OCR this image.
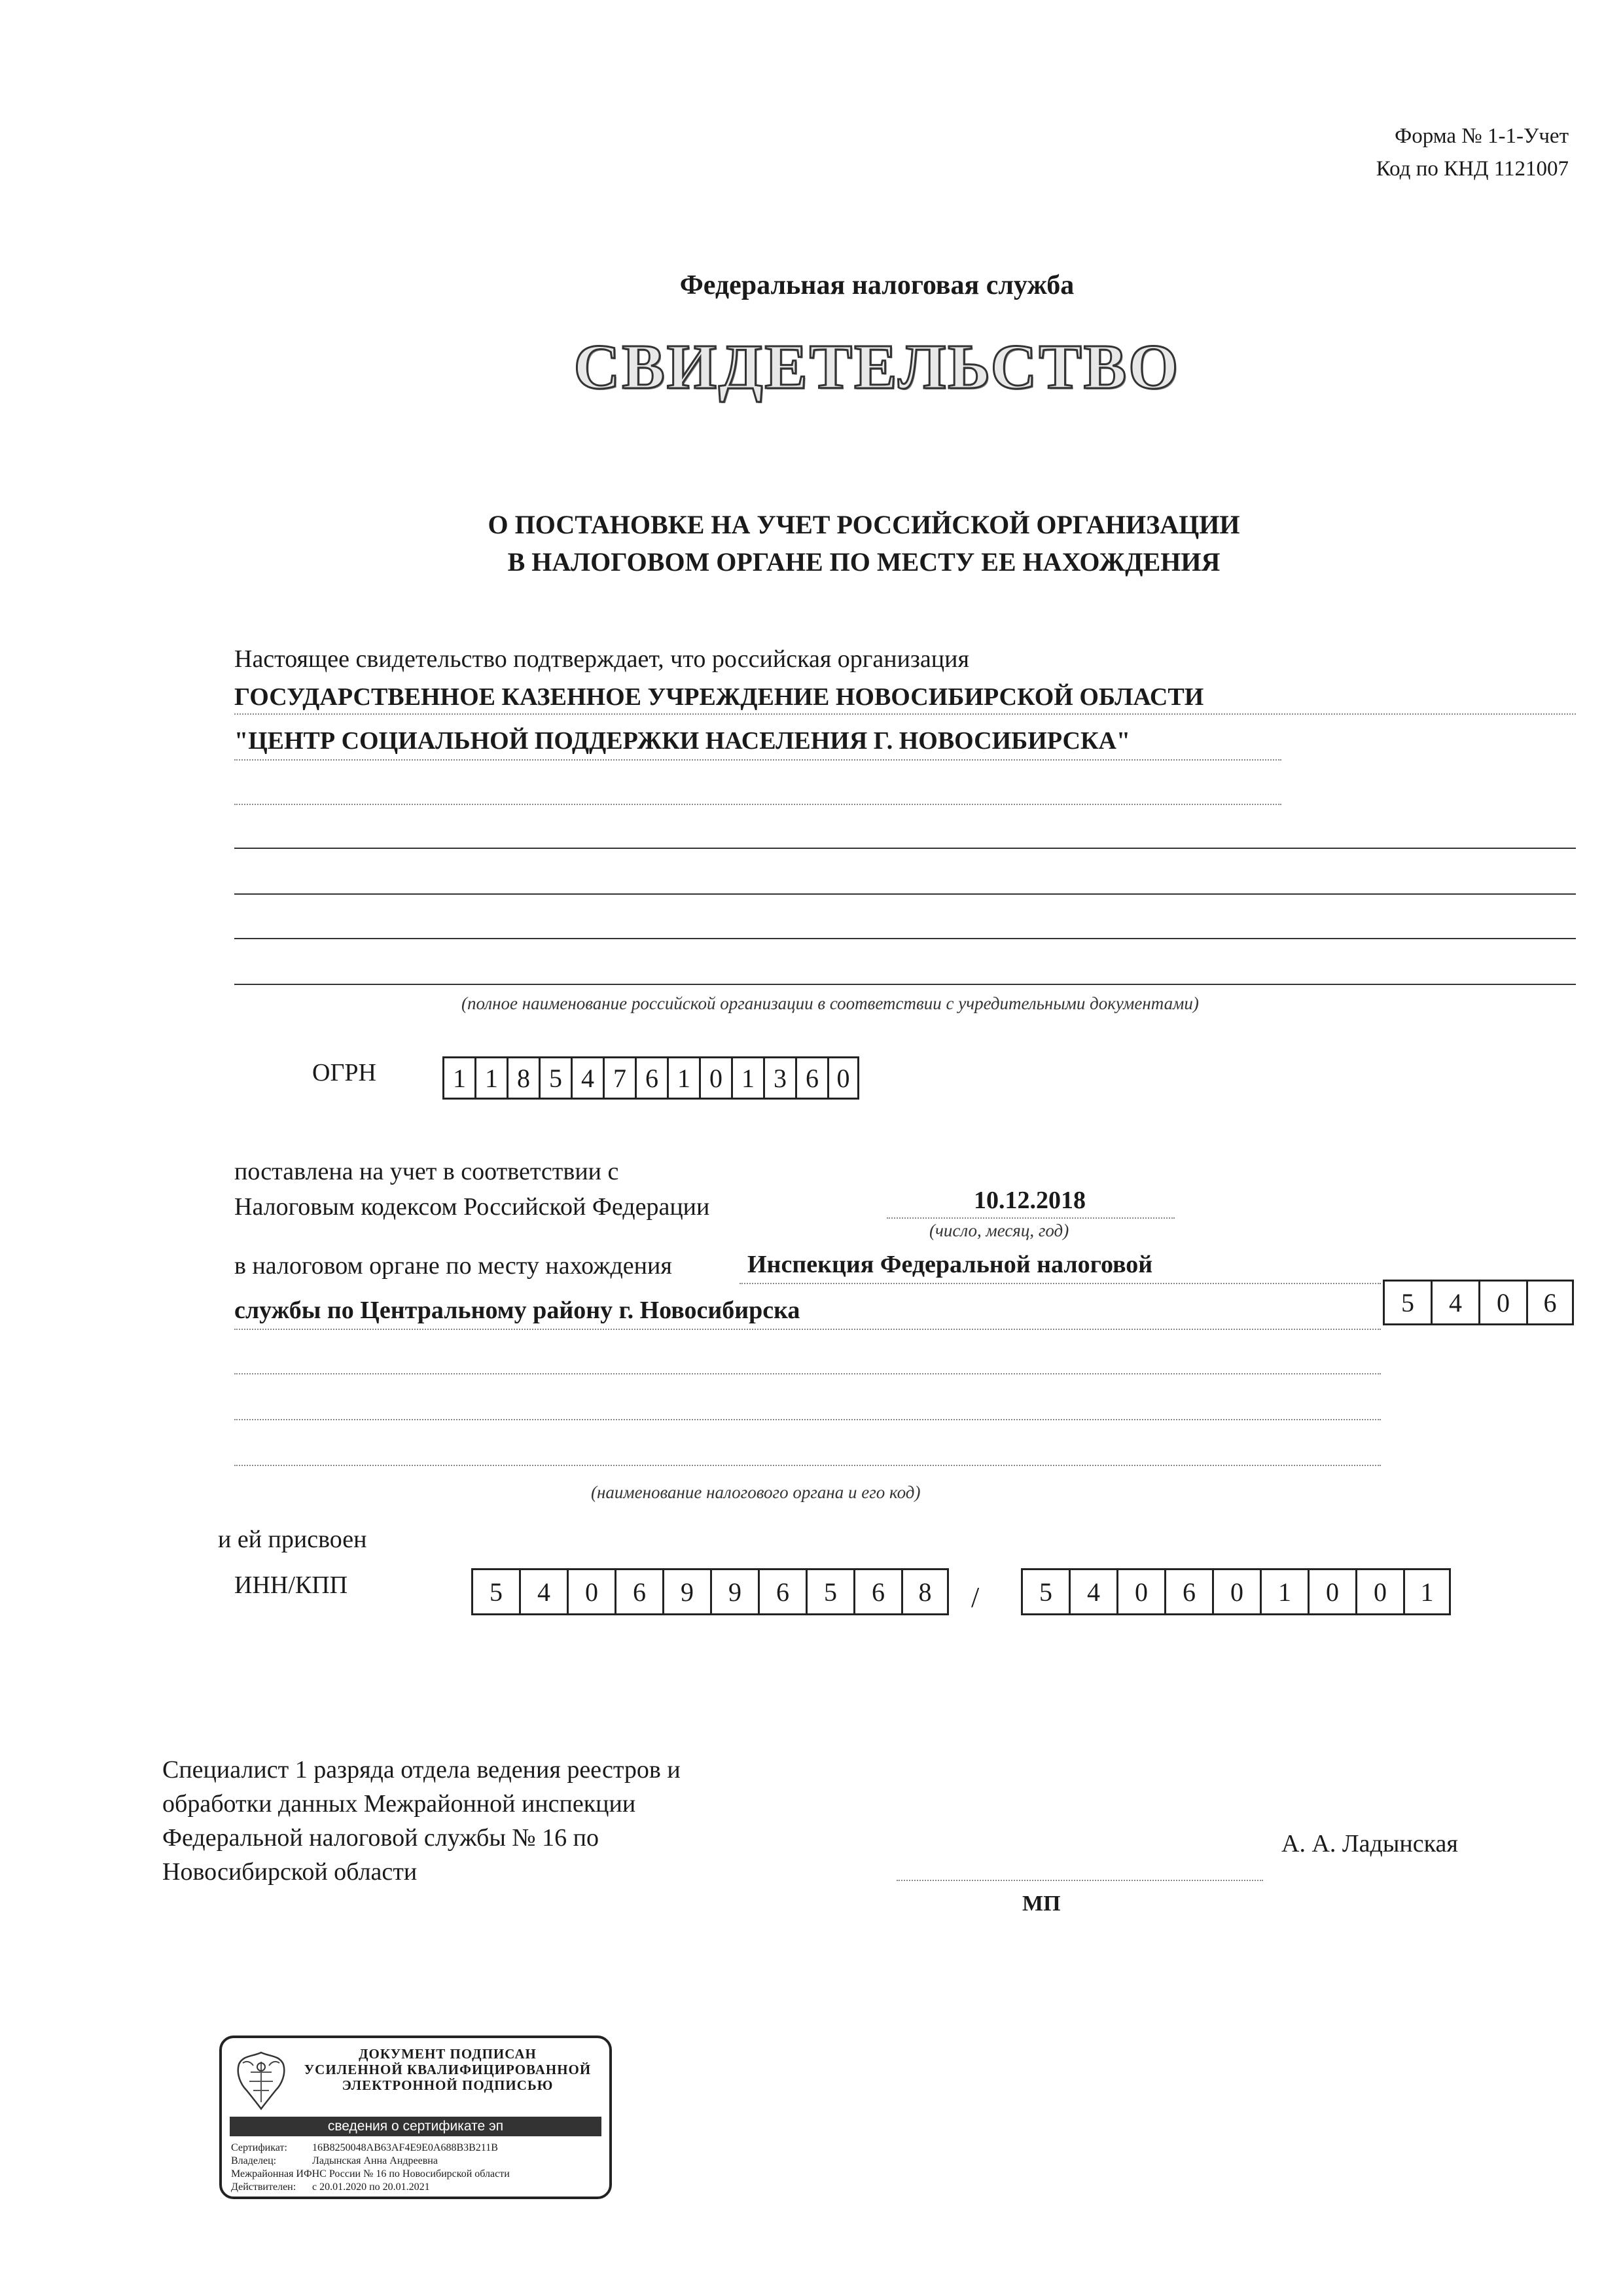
Форма № 1-1-Учет
Код по КНД 1121007
Федеральная налоговая служба
СВИДЕТЕЛЬСТВО
О ПОСТАНОВКЕ НА УЧЕТ РОССИЙСКОЙ ОРГАНИЗАЦИИ
В НАЛОГОВОМ ОРГАНЕ ПО МЕСТУ ЕЕ НАХОЖДЕНИЯ
Настоящее свидетельство подтверждает, что российская организация
ГОСУДАРСТВЕННОЕ КАЗЕННОЕ УЧРЕЖДЕНИЕ НОВОСИБИРСКОЙ ОБЛАСТИ
"ЦЕНТР СОЦИАЛЬНОЙ ПОДДЕРЖКИ НАСЕЛЕНИЯ Г. НОВОСИБИРСКА"
(полное наименование российской организации в соответствии с учредительными документами)
ОГРН	1 1 8 5 4 7 6 1 0 1 3 6 0
поставлена на учет в соответствии с
Налоговым кодексом Российской Федерации	10.12.2018
(число, месяц, год)
в налоговом органе по месту нахождения	Инспекция Федеральной налоговой
службы по Центральному району г. Новосибирска	5	4	0	6
(наименование налогового органа и его код)
и ей присвоен
ИНН/КПП	5	4	0	6	9	9	6	5	6	8	/	5	4	0	6	0	1	0	0	1
Специалист 1 разряда отдела ведения реестров и
обработки данных Межрайонной инспекции
Федеральной налоговой службы № 16 по
Новосибирской области
А. А. Ладынская
МП
ДОКУМЕНТ ПОДПИСАН
УСИЛЕННОЙ КВАЛИФИЦИРОВАННОЙ
ЭЛЕКТРОННОЙ ПОДПИСЬЮ
сведения о сертификате эп
Сертификат: 16B8250048AB63AF4E9E0A688B3B211B
Владелец:	Ладынская Анна Андреевна
Межрайонная ИФНС России № 16 по Новосибирской области
Действителен: с 20.01.2020 по 20.01.2021
